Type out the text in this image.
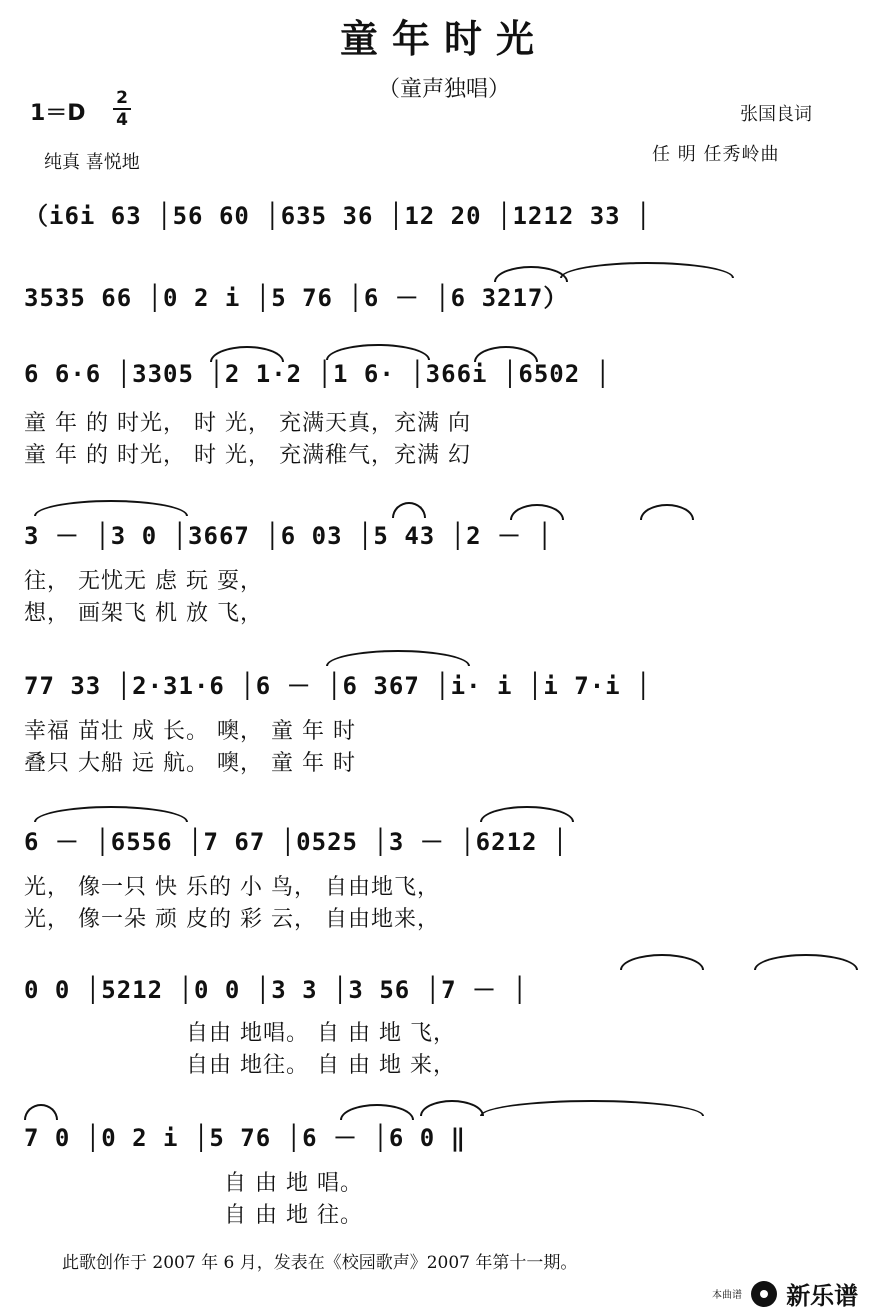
童年时光
（童声独唱）
1＝D
2
4
纯真 喜悦地
张国良词
任 明 任秀岭曲
（i6i 63 │56 60 │635 36 │12 20 │1212 33 │
3535 66 │0 2 i │5 76 │6 － │6 3217）
6 6·6 │3305 │2 1·2 │1 6· │366i │6502 │
童 年 的 时光， 时 光， 充满天真，充满 向
童 年 的 时光， 时 光， 充满稚气，充满 幻
3 － │3 0 │3667 │6 03 │5 43 │2 － │
往， 无忧无 虑 玩 耍，
想， 画架飞 机 放 飞，
77 33 │2·31·6 │6 － │6 367 │i· i │i 7·i │
幸福 苗壮 成 长。 噢， 童 年 时
叠只 大船 远 航。 噢， 童 年 时
6 － │6556 │7 67 │0525 │3 － │6212 │
光， 像一只 快 乐的 小 鸟， 自由地飞，
光， 像一朵 顽 皮的 彩 云， 自由地来，
0 0 │5212 │0 0 │3 3 │3 56 │7 － │
自由 地唱。 自 由 地 飞，
自由 地往。 自 由 地 来，
7 0 │0 2 i │5 76 │6 － │6 0 ‖
自 由 地 唱。
自 由 地 往。
此歌创作于 2007 年 6 月，发表在《校园歌声》2007 年第十一期。
本曲谱 新乐谱
